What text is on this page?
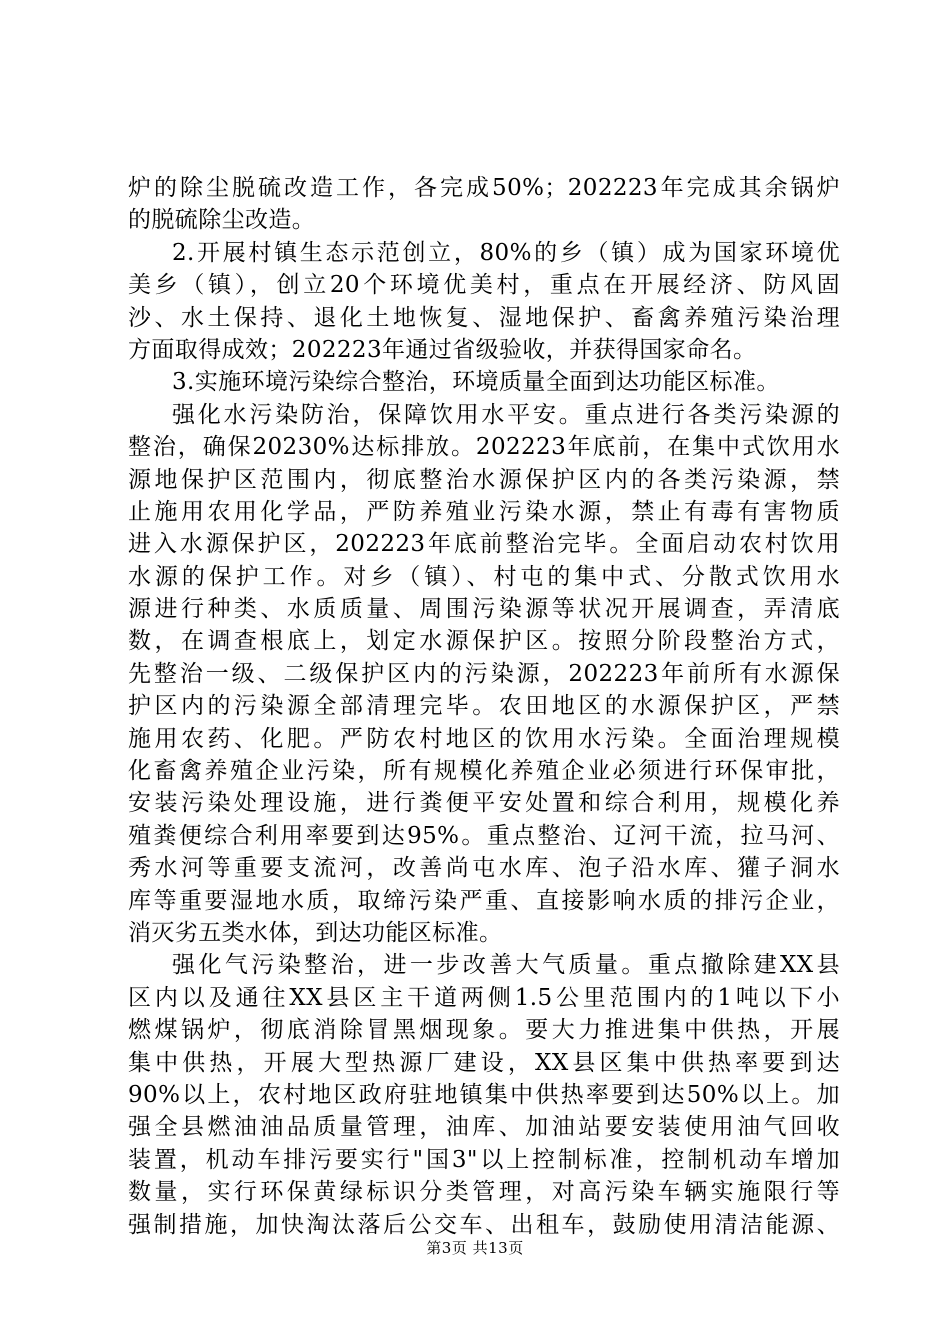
炉的除尘脱硫改造工作，各完成50%；202223年完成其余锅炉
的脱硫除尘改造。
2.开展村镇生态示范创立，80%的乡（镇）成为国家环境优
美乡（镇），创立20个环境优美村，重点在开展经济、防风固
沙、水土保持、退化土地恢复、湿地保护、畜禽养殖污染治理
方面取得成效；202223年通过省级验收，并获得国家命名。
3.实施环境污染综合整治，环境质量全面到达功能区标准。
强化水污染防治，保障饮用水平安。重点进行各类污染源的
整治，确保20230%达标排放。202223年底前，在集中式饮用水
源地保护区范围内，彻底整治水源保护区内的各类污染源，禁
止施用农用化学品，严防养殖业污染水源，禁止有毒有害物质
进入水源保护区，202223年底前整治完毕。全面启动农村饮用
水源的保护工作。对乡（镇）、村屯的集中式、分散式饮用水
源进行种类、水质质量、周围污染源等状况开展调查，弄清底
数，在调查根底上，划定水源保护区。按照分阶段整治方式，
先整治一级、二级保护区内的污染源，202223年前所有水源保
护区内的污染源全部清理完毕。农田地区的水源保护区，严禁
施用农药、化肥。严防农村地区的饮用水污染。全面治理规模
化畜禽养殖企业污染，所有规模化养殖企业必须进行环保审批，
安装污染处理设施，进行粪便平安处置和综合利用，规模化养
殖粪便综合利用率要到达95%。重点整治、辽河干流，拉马河、
秀水河等重要支流河，改善尚屯水库、泡子沿水库、獾子洞水
库等重要湿地水质，取缔污染严重、直接影响水质的排污企业，
消灭劣五类水体，到达功能区标准。
强化气污染整治，进一步改善大气质量。重点撤除建XX县
区内以及通往XX县区主干道两侧1.5公里范围内的1吨以下小
燃煤锅炉，彻底消除冒黑烟现象。要大力推进集中供热，开展
集中供热，开展大型热源厂建设，XX县区集中供热率要到达
90%以上，农村地区政府驻地镇集中供热率要到达50%以上。加
强全县燃油油品质量管理，油库、加油站要安装使用油气回收
装置，机动车排污要实行"国3"以上控制标准，控制机动车增加
数量，实行环保黄绿标识分类管理，对高污染车辆实施限行等
强制措施，加快淘汰落后公交车、出租车，鼓励使用清洁能源、
第3页 共13页
